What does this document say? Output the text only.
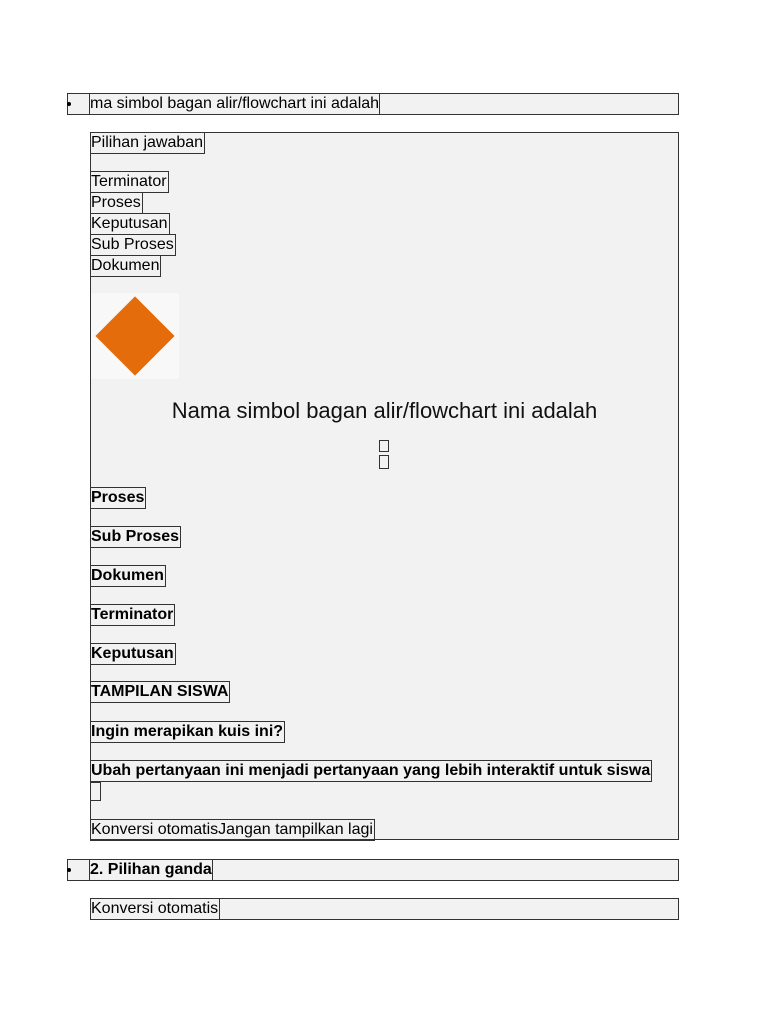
ma simbol bagan alir/flowchart ini adalah
Pilihan jawaban
Terminator
Proses
Keputusan
Sub Proses
Dokumen
Nama simbol bagan alir/flowchart ini adalah
Proses
Sub Proses
Dokumen
Terminator
Keputusan
TAMPILAN SISWA
Ingin merapikan kuis ini?
Ubah pertanyaan ini menjadi pertanyaan yang lebih interaktif untuk siswa
Konversi otomatisJangan tampilkan lagi
2. Pilihan ganda
Konversi otomatis
